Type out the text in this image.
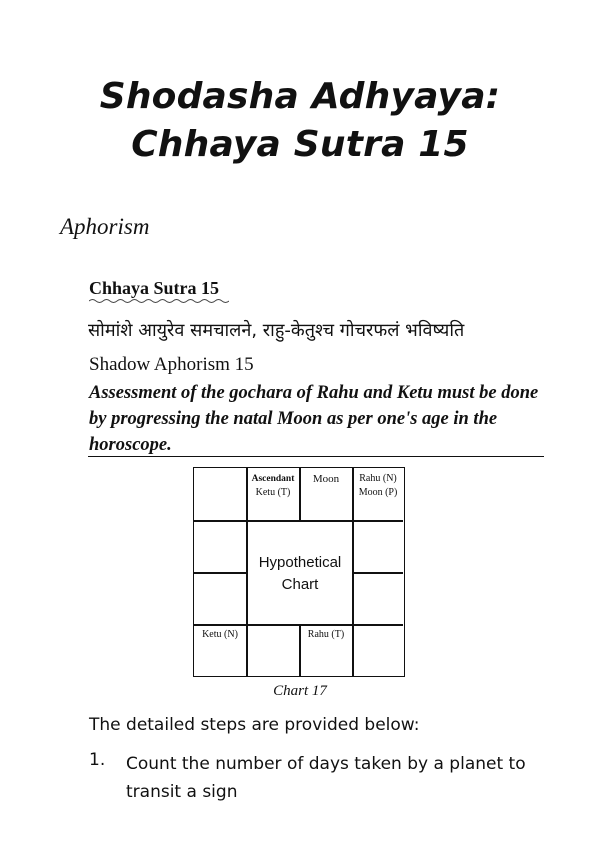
Shodasha Adhyaya:
Chhaya Sutra 15
Aphorism
Chhaya Sutra 15
सोमांशे आयुरेव समचालने, राहु-केतुश्च गोचरफलं भविष्यति
Shadow Aphorism 15
Assessment of the gochara of Rahu and Ketu must be done by progressing the natal Moon as per one's age in the horoscope.
Ascendant
Ketu (T)
Moon	Rahu (N)
Moon (P)
Ketu (N)	Rahu (T)
Hypothetical
Chart
Chart 17
The detailed steps are provided below:
1. Count the number of days taken by a planet to transit a sign
